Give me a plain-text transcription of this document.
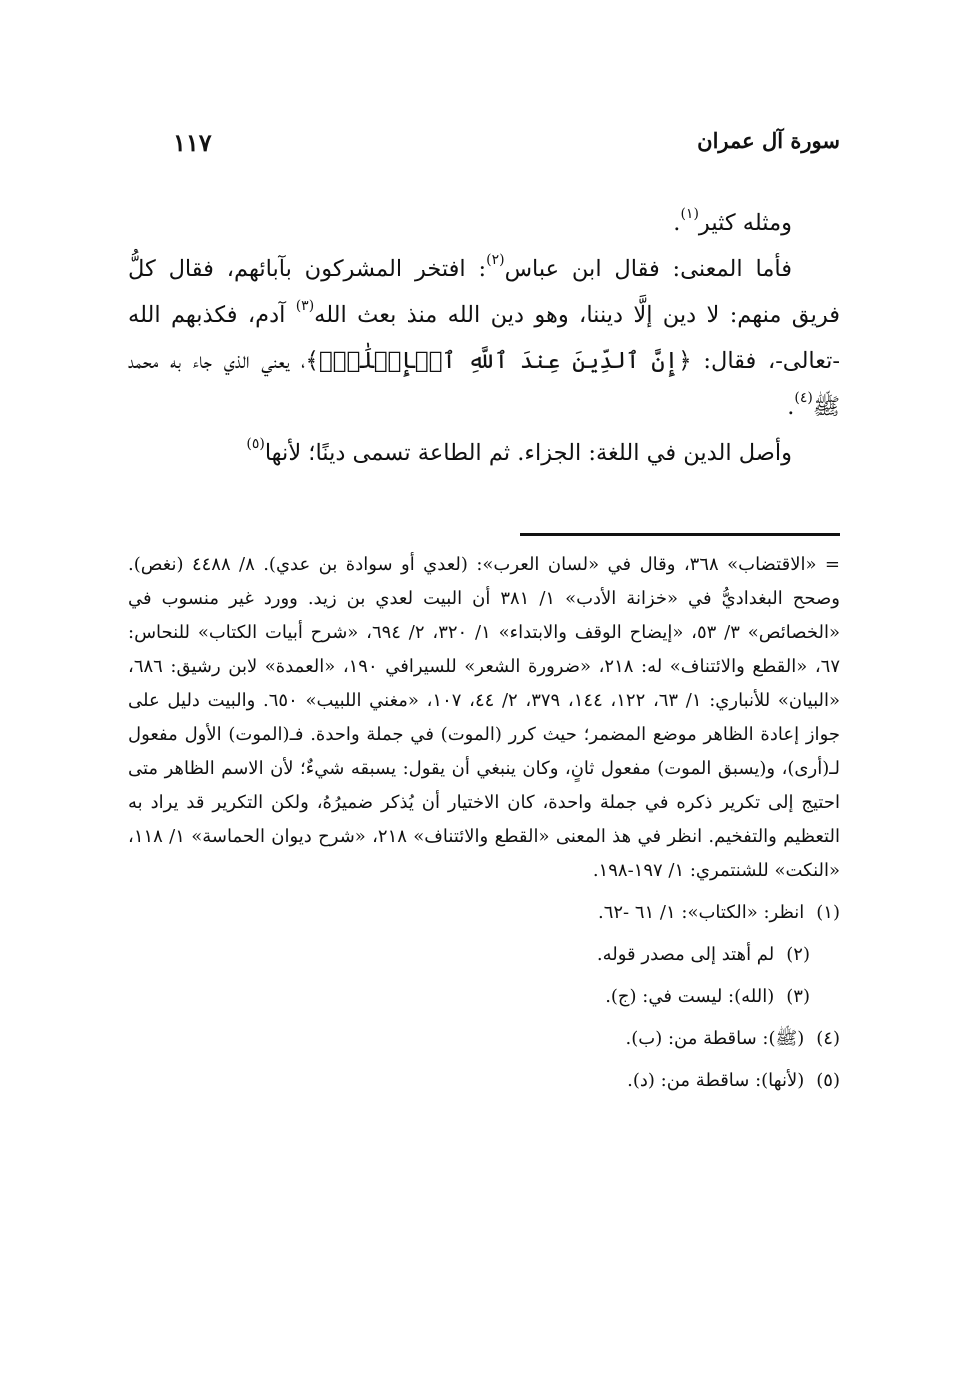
سورة آل عمران
١١٧

ومثله كثير$^{(١)}$.

فأما المعنى: فقال ابن عباس$^{(٢)}$: افتخر المشركون بآبائهم، فقال كلُّ فريق منهم: لا دين إلَّا ديننا، وهو دين الله منذ بعث الله$^{(٣)}$ آدم، فكذبهم الله -تعالى-، فقال: ﴿إِنَّ ٱلدِّينَ عِندَ ٱللَّهِ ٱلۡإِسۡلَٰمُۗ﴾، يعني الذي جاء به محمد ﷺ$^{(٤)}$.

وأصل الدين في اللغة: الجزاء. ثم الطاعة تسمى دينًا؛ لأنها$^{(٥)}$

= «الاقتضاب» ٣٦٨، وقال في «لسان العرب»: (لعدي أو سوادة بن عدي). ٨/ ٤٤٨٨ (نغص). وصحح البغداديُّ في «خزانة الأدب» ١/ ٣٨١ أن البيت لعدي بن زيد. وورد غير منسوب في «الخصائص» ٣/ ٥٣، «إيضاح الوقف والابتداء» ١/ ٣٢٠، ٢/ ٦٩٤، «شرح أبيات الكتاب» للنحاس: ٦٧، «القطع والائتناف» له: ٢١٨، «ضرورة الشعر» للسيرافي ١٩٠، «العمدة» لابن رشيق: ٦٨٦، «البيان» للأنباري: ١/ ٦٣، ١٢٢، ١٤٤، ٣٧٩، ٢/ ٤٤، ١٠٧، «مغني اللبيب» ٦٥٠. والبيت دليل على جواز إعادة الظاهر موضع المضمر؛ حيث كرر (الموت) في جملة واحدة. فـ(الموت) الأول مفعول لـ(أرى)، و(يسبق الموت) مفعول ثانٍ، وكان ينبغي أن يقول: يسبقه شيءٌ؛ لأن الاسم الظاهر متى احتيج إلى تكرير ذكره في جملة واحدة، كان الاختيار أن يُذكر ضميرُهُ، ولكن التكرير قد يراد به التعظيم والتفخيم. انظر في هذ المعنى «القطع والائتناف» ٢١٨، «شرح ديوان الحماسة» ١/ ١١٨، «النكت» للشنتمري: ١/ ١٩٧-١٩٨.

(١) انظر: «الكتاب»: ١/ ٦١ -٦٢.

(٢) لم أهتد إلى مصدر قوله.

(٣) (الله): ليست في: (ج).

(٤) (ﷺ): ساقطة من: (ب).

(٥) (لأنها): ساقطة من: (د).
